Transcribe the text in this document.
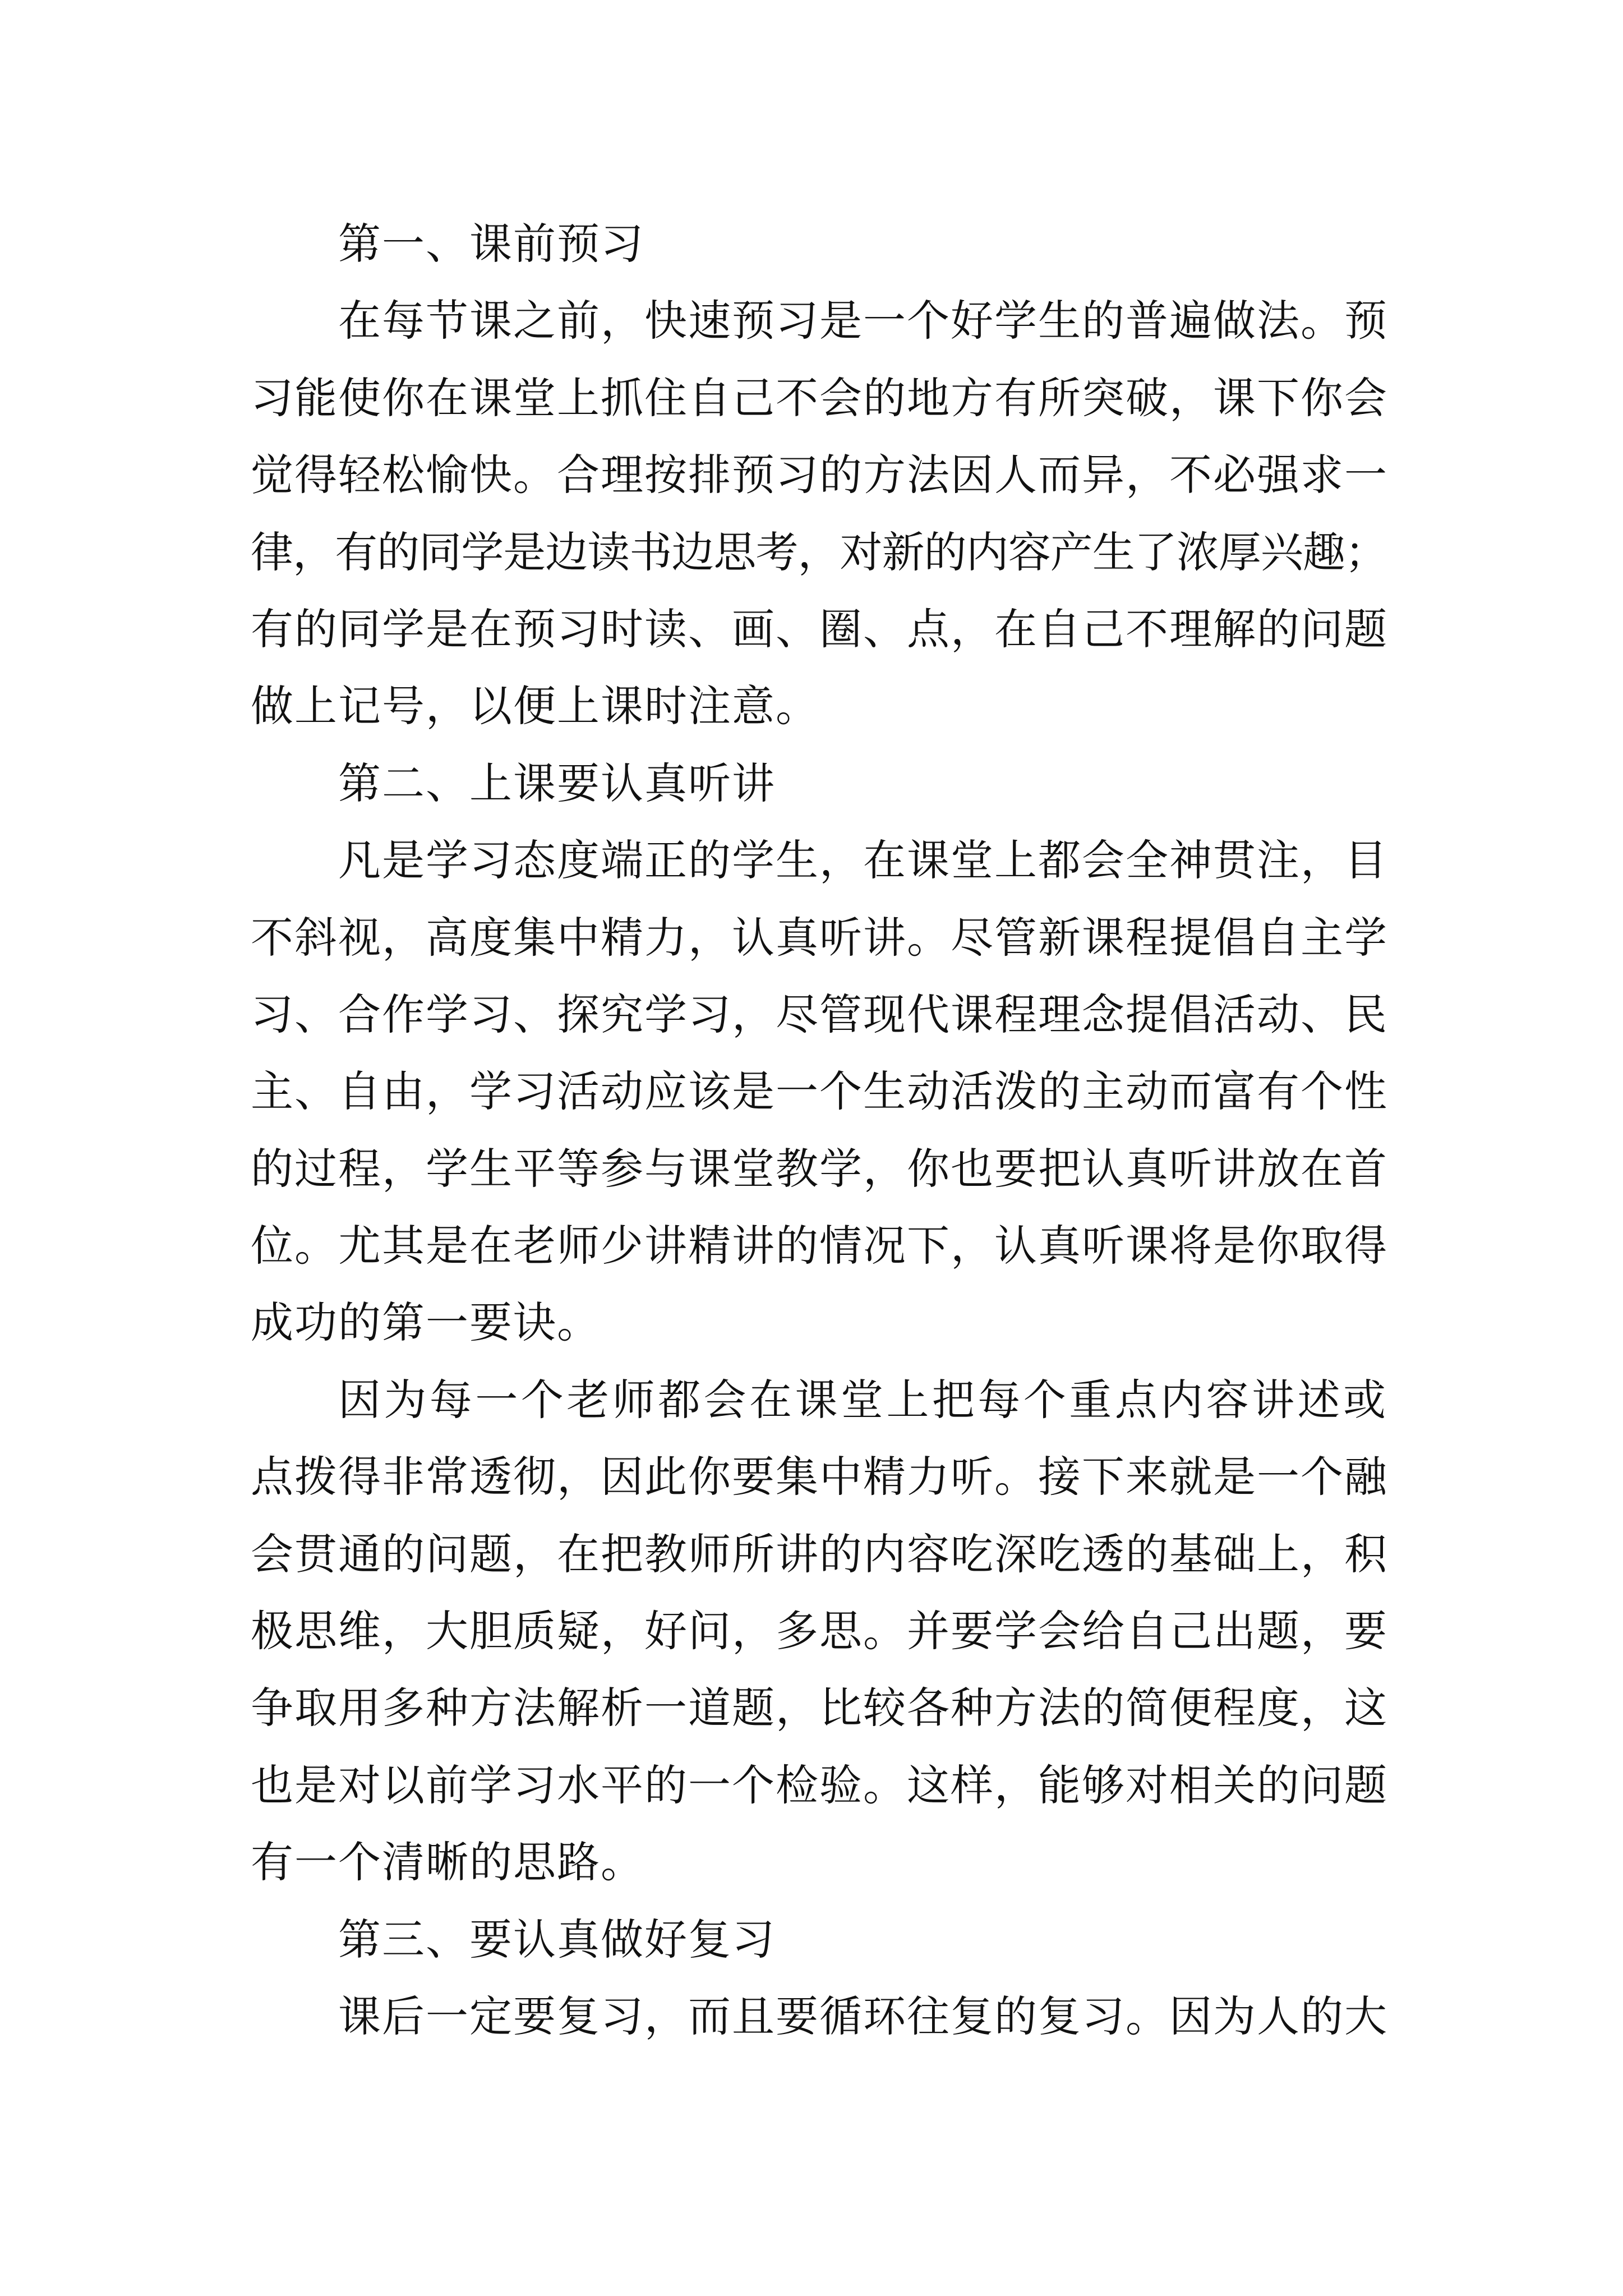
第一、课前预习
在每节课之前，快速预习是一个好学生的普遍做法。预
习能使你在课堂上抓住自己不会的地方有所突破，课下你会
觉得轻松愉快。合理按排预习的方法因人而异，不必强求一
律，有的同学是边读书边思考，对新的内容产生了浓厚兴趣；
有的同学是在预习时读、画、圈、点，在自己不理解的问题
做上记号，以便上课时注意。
第二、上课要认真听讲
凡是学习态度端正的学生，在课堂上都会全神贯注，目
不斜视，高度集中精力，认真听讲。尽管新课程提倡自主学
习、合作学习、探究学习，尽管现代课程理念提倡活动、民
主、自由，学习活动应该是一个生动活泼的主动而富有个性
的过程，学生平等参与课堂教学，你也要把认真听讲放在首
位。尤其是在老师少讲精讲的情况下，认真听课将是你取得
成功的第一要诀。
因为每一个老师都会在课堂上把每个重点内容讲述或
点拨得非常透彻，因此你要集中精力听。接下来就是一个融
会贯通的问题，在把教师所讲的内容吃深吃透的基础上，积
极思维，大胆质疑，好问，多思。并要学会给自己出题，要
争取用多种方法解析一道题，比较各种方法的简便程度，这
也是对以前学习水平的一个检验。这样，能够对相关的问题
有一个清晰的思路。
第三、要认真做好复习
课后一定要复习，而且要循环往复的复习。因为人的大
